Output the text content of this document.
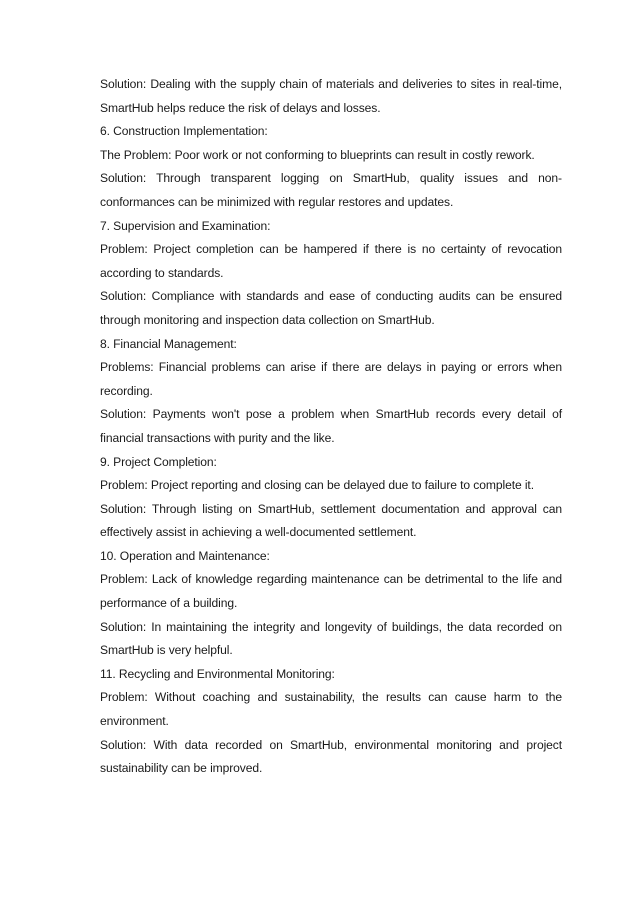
Solution: Dealing with the supply chain of materials and deliveries to sites in real-time, SmartHub helps reduce the risk of delays and losses.

6. Construction Implementation:

The Problem: Poor work or not conforming to blueprints can result in costly rework.

Solution: Through transparent logging on SmartHub, quality issues and non-conformances can be minimized with regular restores and updates.

7. Supervision and Examination:

Problem: Project completion can be hampered if there is no certainty of revocation according to standards.

Solution: Compliance with standards and ease of conducting audits can be ensured through monitoring and inspection data collection on SmartHub.

8. Financial Management:

Problems: Financial problems can arise if there are delays in paying or errors when recording.

Solution: Payments won't pose a problem when SmartHub records every detail of financial transactions with purity and the like.

9. Project Completion:

Problem: Project reporting and closing can be delayed due to failure to complete it.

Solution: Through listing on SmartHub, settlement documentation and approval can effectively assist in achieving a well-documented settlement.

10. Operation and Maintenance:

Problem: Lack of knowledge regarding maintenance can be detrimental to the life and performance of a building.

Solution: In maintaining the integrity and longevity of buildings, the data recorded on SmartHub is very helpful.

11. Recycling and Environmental Monitoring:

Problem: Without coaching and sustainability, the results can cause harm to the environment.

Solution: With data recorded on SmartHub, environmental monitoring and project sustainability can be improved.
